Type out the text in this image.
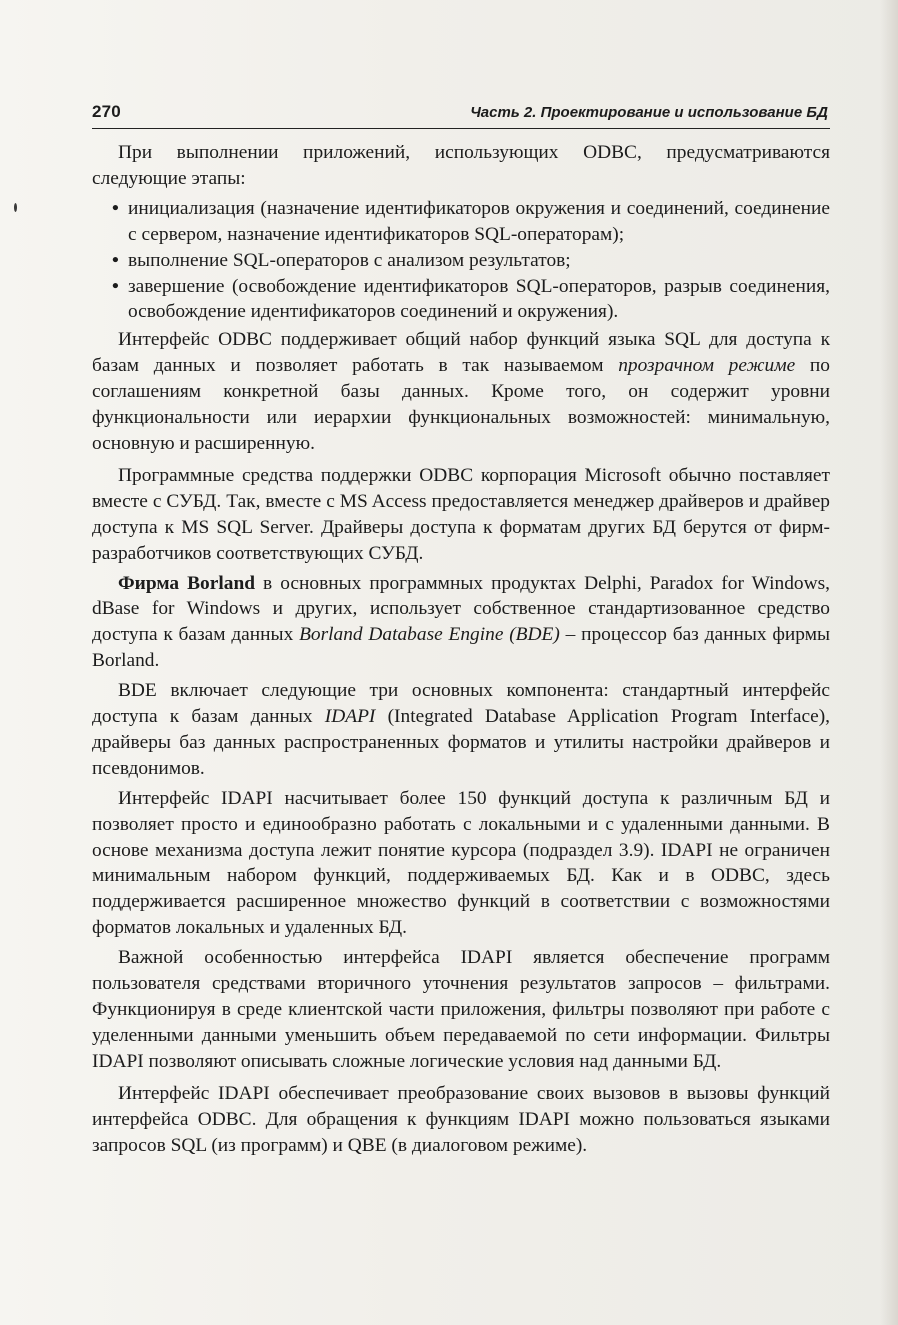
270	Часть 2. Проектирование и использование БД

При выполнении приложений, использующих ODBC, предусматриваются следующие этапы:

• инициализация (назначение идентификаторов окружения и соединений, соединение с сервером, назначение идентификаторов SQL-операторам);
• выполнение SQL-операторов с анализом результатов;
• завершение (освобождение идентификаторов SQL-операторов, разрыв соединения, освобождение идентификаторов соединений и окружения).

Интерфейс ODBC поддерживает общий набор функций языка SQL для доступа к базам данных и позволяет работать в так называемом прозрачном режиме по соглашениям конкретной базы данных. Кроме того, он содержит уровни функциональности или иерархии функциональных возможностей: минимальную, основную и расширенную.

Программные средства поддержки ODBC корпорация Microsoft обычно поставляет вместе с СУБД. Так, вместе с MS Access предоставляется менеджер драйверов и драйвер доступа к MS SQL Server. Драйверы доступа к форматам других БД берутся от фирм-разработчиков соответствующих СУБД.

Фирма Borland в основных программных продуктах Delphi, Paradox for Windows, dBase for Windows и других, использует собственное стандартизованное средство доступа к базам данных Borland Database Engine (BDE) – процессор баз данных фирмы Borland.

BDE включает следующие три основных компонента: стандартный интерфейс доступа к базам данных IDAPI (Integrated Database Application Program Interface), драйверы баз данных распространенных форматов и утилиты настройки драйверов и псевдонимов.

Интерфейс IDAPI насчитывает более 150 функций доступа к различным БД и позволяет просто и единообразно работать с локальными и с удаленными данными. В основе механизма доступа лежит понятие курсора (подраздел 3.9). IDAPI не ограничен минимальным набором функций, поддерживаемых БД. Как и в ODBC, здесь поддерживается расширенное множество функций в соответствии с возможностями форматов локальных и удаленных БД.

Важной особенностью интерфейса IDAPI является обеспечение программ пользователя средствами вторичного уточнения результатов запросов – фильтрами. Функционируя в среде клиентской части приложения, фильтры позволяют при работе с уделенными данными уменьшить объем передаваемой по сети информации. Фильтры IDAPI позволяют описывать сложные логические условия над данными БД.

Интерфейс IDAPI обеспечивает преобразование своих вызовов в вызовы функций интерфейса ODBC. Для обращения к функциям IDAPI можно пользоваться языками запросов SQL (из программ) и QBE (в диалоговом режиме).
